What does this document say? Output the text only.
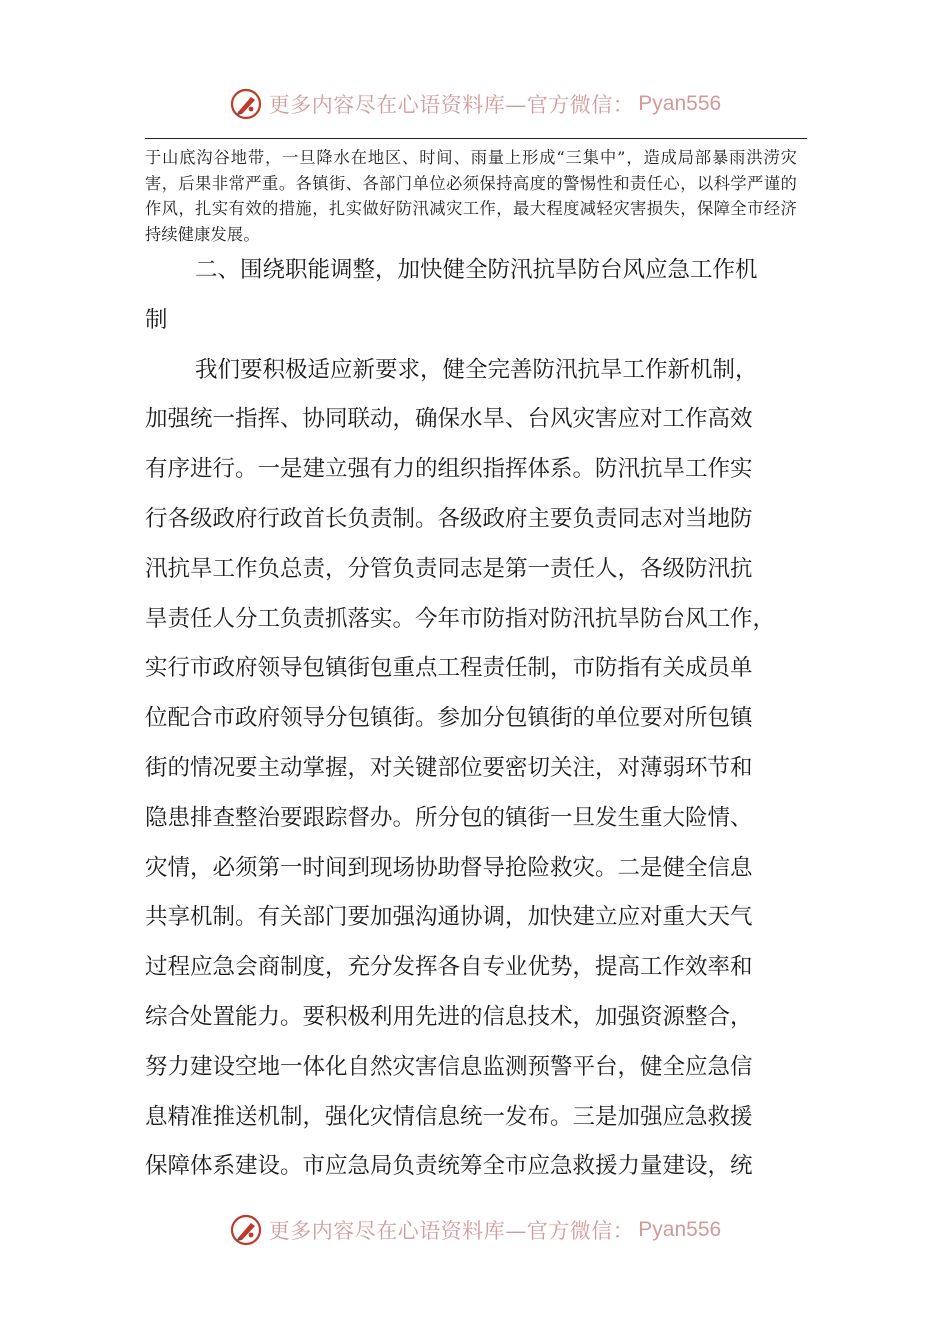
更多内容尽在心语资料库—官方微信： Pyan556

于山底沟谷地带，一旦降水在地区、时间、雨量上形成“三集中”，造成局部暴雨洪涝灾害，后果非常严重。各镇街、各部门单位必须保持高度的警惕性和责任心，以科学严谨的作风，扎实有效的措施，扎实做好防汛减灾工作，最大程度减轻灾害损失，保障全市经济持续健康发展。

二、围绕职能调整，加快健全防汛抗旱防台风应急工作机
制
我们要积极适应新要求，健全完善防汛抗旱工作新机制，
加强统一指挥、协同联动，确保水旱、台风灾害应对工作高效
有序进行。一是建立强有力的组织指挥体系。防汛抗旱工作实
行各级政府行政首长负责制。各级政府主要负责同志对当地防
汛抗旱工作负总责，分管负责同志是第一责任人，各级防汛抗
旱责任人分工负责抓落实。今年市防指对防汛抗旱防台风工作，
实行市政府领导包镇街包重点工程责任制，市防指有关成员单
位配合市政府领导分包镇街。参加分包镇街的单位要对所包镇
街的情况要主动掌握，对关键部位要密切关注，对薄弱环节和
隐患排查整治要跟踪督办。所分包的镇街一旦发生重大险情、
灾情，必须第一时间到现场协助督导抢险救灾。二是健全信息
共享机制。有关部门要加强沟通协调，加快建立应对重大天气
过程应急会商制度，充分发挥各自专业优势，提高工作效率和
综合处置能力。要积极利用先进的信息技术，加强资源整合，
努力建设空地一体化自然灾害信息监测预警平台，健全应急信
息精准推送机制，强化灾情信息统一发布。三是加强应急救援
保障体系建设。市应急局负责统筹全市应急救援力量建设，统
更多内容尽在心语资料库—官方微信： Pyan556
